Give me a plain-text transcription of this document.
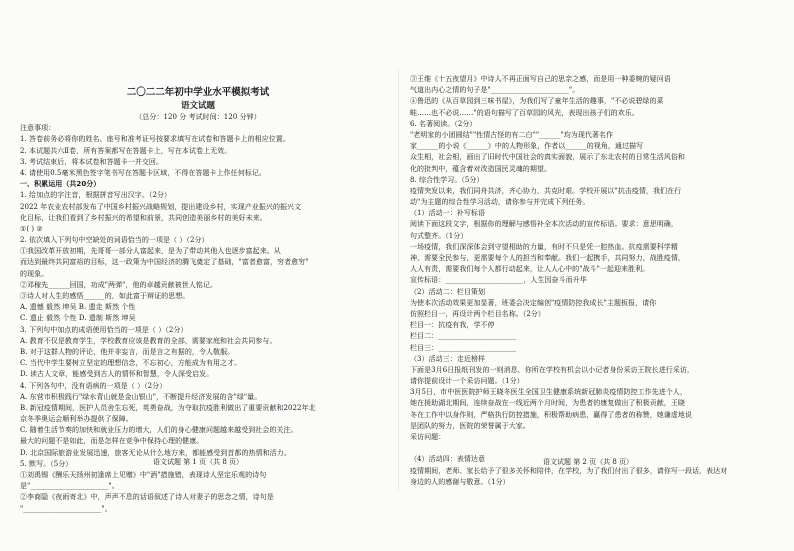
二〇二二年初中学业水平模拟考试
语文试题
（总分：120 分 考试时间：120 分钟）
注意事项：
1. 答卷前务必将你的姓名、座号和准考证号按要求填写在试卷和答题卡上的相应位置。
2. 本试题共六Ⅱ卷，所有答案都写在答题卡上，写在本试卷上无效。
3. 考试结束后，将本试卷和答题卡一并交回。
4. 请使用0.5毫米黑色签字笔书写在答题卡区域，不得在答题卡上作任何标记。
一、积累运用（共20分）
1. 给加点的字注音，根据拼音写出汉字。（2分）
2022 年农业农村部发布了中国乡村振兴战略规划，提出建设乡村，实现产业振兴的振兴文
化目标，让我们看到了乡村振兴的希望和前景，共同创造美丽乡村的美好未来。
①( ) ②
2. 依次填入下列句中空缺处的词语恰当的一项是（ ）（2分）
①我国改革开放初期，先哥哥一部分人富起来，是为了带动其他人也逐步富起来。从
而达到最终共同富裕的目标，这一政策为中国经济的腾飞奠定了基础，"富者愈富，穷者愈穷"
的现象。
②邓稼先______回国，功成"两弹"，他的卓越贡献被世人铭记。
③诗人对人生的感悟______的，如此富于辩证的思想。
A. 遗憾 毅然 坤吴 B. 遗走 斯然 个性
C. 遗止 毅然 个性 D. 遗制 斯然 坤吴
3. 下列句中加点的成语使用恰当的一项是（ ）（2分）
A. 教育不仅是教育学生，学校教育应该是教育的全部，需要家庭和社会共同参与。
B. 对于这群人物的评论，他并非妄言，而是言之有据的，令人敬服。
C. 当代中学生要树立坚定的理想信念，不忘初心，方能成为有用之才。
D. 读古人文章，能感受到古人的情怀和智慧，令人深受启发。
4. 下列各句中，没有语病的一项是（ ）（2分）
A. 东营市积极践行"绿水青山就是金山银山"，不断提升经济发展的含"绿"量。
B. 新冠疫情期间，医护人员舍生忘死，英勇奋战，为夺取抗疫胜利做出了重要贡献和2022年北
京冬季奥运会顺利举办提供了保障。
C. 随着生活节奏的加快和就业压力的增大，人们的身心健康问题越来越受到社会的关注。
最大的问题不是如此，而是怎样在竞争中保持心理的健康。
D. 北京国际旅游业发展迅速，旅客无论从什么地方来，都能感受到首都的热情和活力。
5. 默写。（5分）
①刘禹锡《酬乐天扬州初逢席上见赠》中"酒"措施错，表现诗人坚定乐观的诗句
是"______________________"。
②李商隐《夜雨寄北》中，声声不息的话语叙述了诗人对妻子的思念之情，诗句是
"______________________"。
③王维《十五夜望月》中诗人不再正面写自己的思亲之感，而是用一种委婉的疑问语
气道出内心之情的句子是"______________________"。
④鲁迅的《从百草园到三味书屋》，为我们写了童年生活的趣事，"不必说碧绿的菜
畦……也不必说……"的语句描写了百草园的风光，表现出孩子们的欢乐。
6. 名著阅读。（2分）
"老明家的小团圆结""性情古怪的有二白""______"均为现代著名作
家______的小说《______》中的人物形象，作者以______的视角，通过描写
众生相，社会相，画出了旧时代中国社会的真实面貌，展示了东北农村的日常生活风俗和
化的批判中，蕴含着对改造国民灵魂的期望。
8. 综合性学习。（5分）
疫情突发以来，我们同舟共济，齐心协力，共克时艰。学校开展以"抗击疫情，我们在行
动"为主题的综合性学习活动，请你参与并完成下列任务。
（1）活动一：补写标语
阅读下面这段文字，根据你的理解与感悟补全本次活动的宣传标语。要求：意思明确，
句式整齐。（1分）
一场疫情，我们深深体会到守望相助的力量，有时不只是凭一腔热血。抗疫需要科学精
神，需要全民参与，更需要每个人的担当和奉献。我们一起携手，共同努力，战胜疫情，
人人有责，需要我们每个人都行动起来，让人人心中的"战斗"一起迎来胜利。
宣传标语：______________________，人生因奋斗而升华
（2）活动二：栏目策划
为使本次活动效果更加显著，班委会决定编创"疫情防控我成长"主题板报，请你
仿照栏目一，再设计两个栏目名称。（2分）
栏目一：抗疫有我，学不停
栏目二：______________________
栏目三：______________________
（3）活动三：走近榜样
下面是3月6日报纸刊发的一则消息，你所在学校有机会以小记者身份采访王院长进行采访，
请你提前设计一个采访问题。（1分）
3月5日，市中医医院护师王晓冬医生全国卫生健康系统新冠肺炎疫情防控工作先进个人，
她在援助湖北期间，连续奋战在一线近两个月时间，为患者的康复做出了积极贡献，王晓
冬在工作中以身作则，严格执行防控措施，积极帮助病患，赢得了患者的称赞，她谦虚地说
是团队的努力，医院的荣誉属于大家。
采访问题：
（4）活动四：表情达意
疫情期间，老师、家长给予了很多关怀和陪伴，在学校，为了我们付出了很多，请你写一段话，表达对
身边的人的感谢与敬意。（1分）
语文试题 第 1 页（共 8 页）	语文试题 第 2 页（共 8 页）
